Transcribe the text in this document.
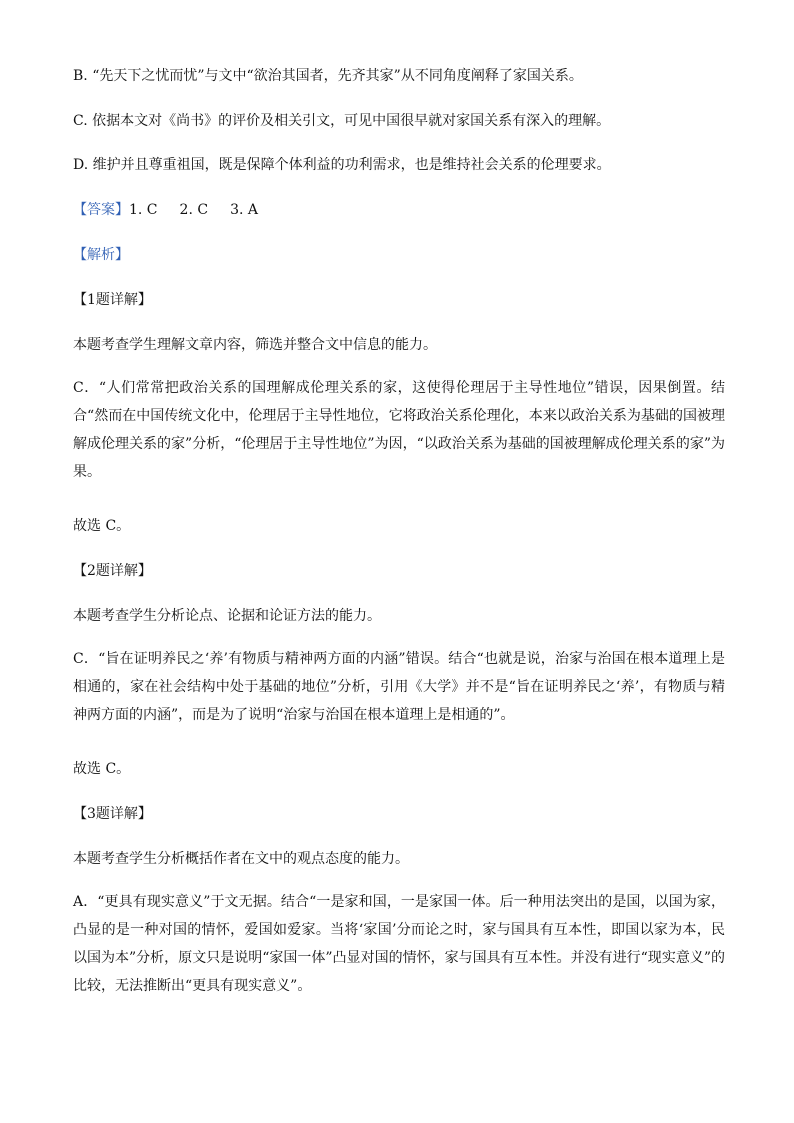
B. “先天下之忧而忧”与文中“欲治其国者，先齐其家”从不同角度阐释了家国关系。
C. 依据本文对《尚书》的评价及相关引文，可见中国很早就对家国关系有深入的理解。
D. 维护并且尊重祖国，既是保障个体利益的功利需求，也是维持社会关系的伦理要求。
【答案】1. C 2. C 3. A
【解析】
【1题详解】
本题考查学生理解文章内容，筛选并整合文中信息的能力。
C．“人们常常把政治关系的国理解成伦理关系的家，这使得伦理居于主导性地位”错误，因果倒置。结合“然而在中国传统文化中，伦理居于主导性地位，它将政治关系伦理化，本来以政治关系为基础的国被理解成伦理关系的家”分析，“伦理居于主导性地位”为因，“以政治关系为基础的国被理解成伦理关系的家”为果。
故选 C。
【2题详解】
本题考查学生分析论点、论据和论证方法的能力。
C．“旨在证明养民之‘养’有物质与精神两方面的内涵”错误。结合“也就是说，治家与治国在根本道理上是相通的，家在社会结构中处于基础的地位”分析，引用《大学》并不是“旨在证明养民之‘养’，有物质与精神两方面的内涵”，而是为了说明“治家与治国在根本道理上是相通的”。
故选 C。
【3题详解】
本题考查学生分析概括作者在文中的观点态度的能力。
A．“更具有现实意义”于文无据。结合“一是家和国，一是家国一体。后一种用法突出的是国，以国为家，凸显的是一种对国的情怀，爱国如爱家。当将‘家国’分而论之时，家与国具有互本性，即国以家为本，民以国为本”分析，原文只是说明“家国一体”凸显对国的情怀，家与国具有互本性。并没有进行“现实意义”的比较，无法推断出“更具有现实意义”。
